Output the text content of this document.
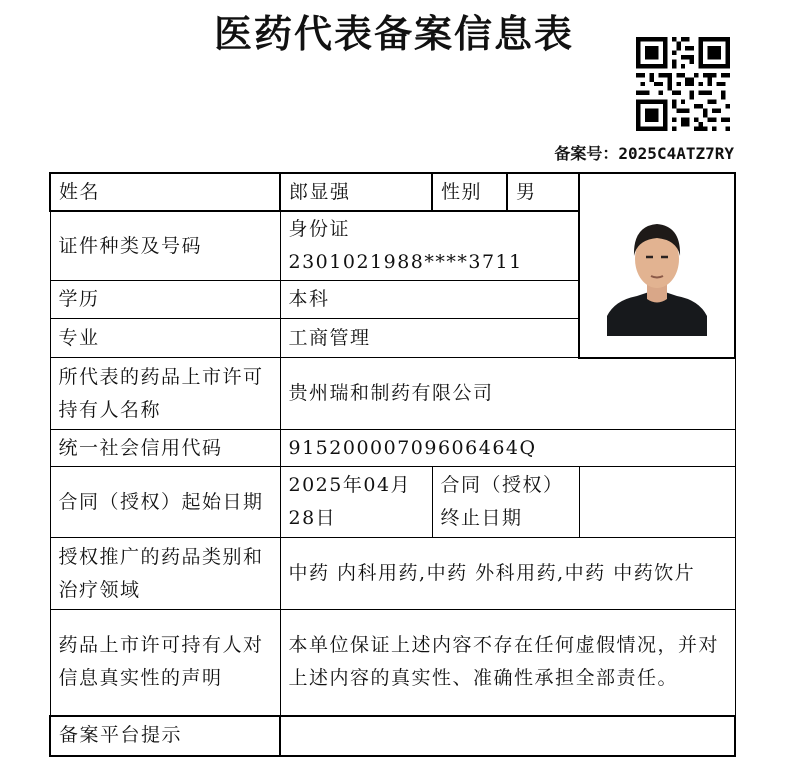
医药代表备案信息表
备案号：2025C4ATZ7RY
姓名	郎显强	性别	男	

证件种类及号码	身份证 2301021988****3711			
学历	本科			
专业	工商管理			
所代表的药品上市许可持有人名称	贵州瑞和制药有限公司			
统一社会信用代码	91520000709606464Q			
合同（授权）起始日期	2025年04月28日	合同（授权）终止日期		
授权推广的药品类别和治疗领域	中药 内科用药,中药 外科用药,中药 中药饮片			
药品上市许可持有人对信息真实性的声明	本单位保证上述内容不存在任何虚假情况，并对上述内容的真实性、准确性承担全部责任。			
备案平台提示				
